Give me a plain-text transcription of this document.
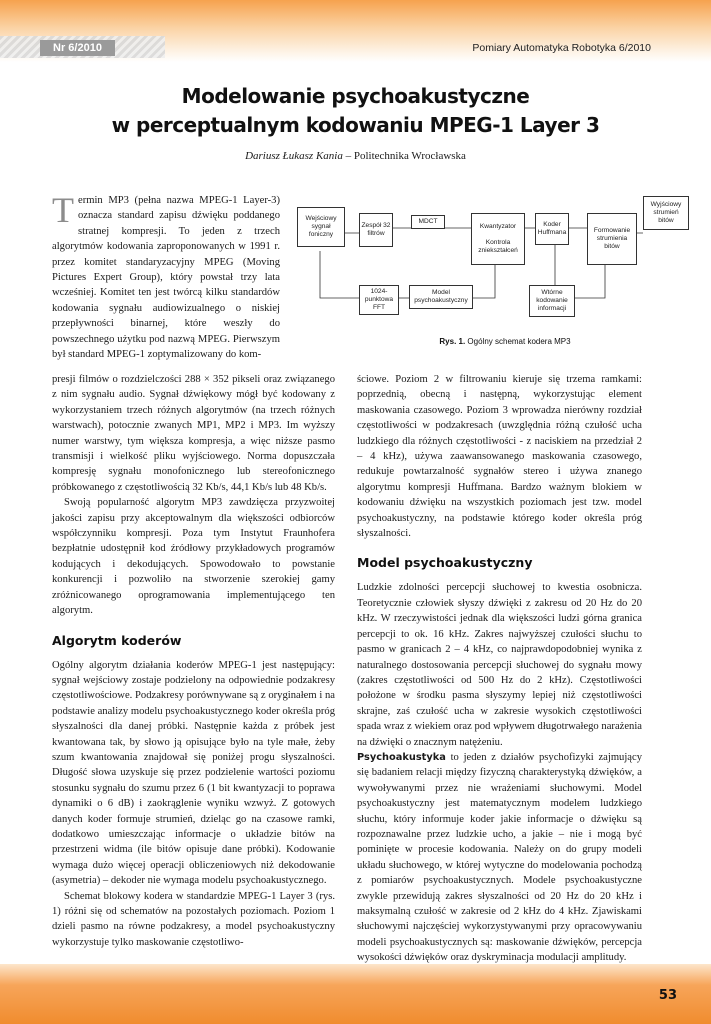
Nr 6/2010	Pomiary Automatyka Robotyka 6/2010
Modelowanie psychoakustyczne
w perceptualnym kodowaniu MPEG-1 Layer 3
Dariusz Łukasz Kania – Politechnika Wrocławska

Termin MP3 (pełna nazwa MPEG-1 Layer-3) oznacza standard zapisu dźwięku poddanego stratnej kompresji. To jeden z trzech algorytmów kodowania zaproponowanych w 1991 r. przez komitet standaryzacyjny MPEG (Moving Pictures Expert Group), który powstał trzy lata wcześniej. Komitet ten jest twórcą kilku standardów kodowania sygnału audiowizualnego o niskiej przepływności binarnej, które weszły do powszechnego użytku pod nazwą MPEG. Pierwszym był standard MPEG-1 zoptymalizowany do kom-

Wejściowy sygnał foniczny
Zespół 32 filtrów
MDCT
Kwantyzator
Kontrola zniekształceń
Koder Huffmana	Formowanie strumienia bitów
Wyjściowy strumień bitów
1024-punktowa FFT
Model psychoakustyczny
Wtórne kodowanie informacji
Rys. 1. Ogólny schemat kodera MP3

presji filmów o rozdzielczości 288 × 352 pikseli oraz związanego z nim sygnału audio. Sygnał dźwiękowy mógł być kodowany z wykorzystaniem trzech różnych algorytmów (na trzech różnych warstwach), potocznie zwanych MP1, MP2 i MP3. Im wyższy numer warstwy, tym większa kompresja, a więc niższe pasmo transmisji i wielkość pliku wyjściowego. Norma dopuszczała kompresję sygnału monofonicznego lub stereofonicznego próbkowanego z częstotliwością 32 Kb/s, 44,1 Kb/s lub 48 Kb/s.

Swoją popularność algorytm MP3 zawdzięcza przyzwoitej jakości zapisu przy akceptowalnym dla większości odbiorców współczynniku kompresji. Poza tym Instytut Fraunhofera bezpłatnie udostępnił kod źródłowy przykładowych programów kodujących i dekodujących. Spowodowało to powstanie konkurencji i pozwoliło na stworzenie szerokiej gamy zróżnicowanego oprogramowania implementującego ten algorytm.

Algorytm koderów

Ogólny algorytm działania koderów MPEG-1 jest następujący: sygnał wejściowy zostaje podzielony na odpowiednie podzakresy częstotliwościowe. Podzakresy porównywane są z oryginałem i na podstawie analizy modelu psychoakustycznego koder określa próg słyszalności dla danej próbki. Następnie każda z próbek jest kwantowana tak, by słowo ją opisujące było na tyle małe, żeby szum kwantowania znajdował się poniżej progu słyszalności. Długość słowa uzyskuje się przez podzielenie wartości poziomu stosunku sygnału do szumu przez 6 (1 bit kwantyzacji to poprawa dynamiki o 6 dB) i zaokrąglenie wyniku wzwyż. Z gotowych danych koder formuje strumień, dzieląc go na czasowe ramki, dodatkowo umieszczając informacje o układzie bitów na przestrzeni widma (ile bitów opisuje dane próbki). Kodowanie wymaga dużo więcej operacji obliczeniowych niż dekodowanie (asymetria) – dekoder nie wymaga modelu psychoakustycznego.

Schemat blokowy kodera w standardzie MPEG-1 Layer 3 (rys. 1) różni się od schematów na pozostałych poziomach. Poziom 1 dzieli pasmo na równe podzakresy, a model psychoakustyczny wykorzystuje tylko maskowanie częstotliwo-

ściowe. Poziom 2 w filtrowaniu kieruje się trzema ramkami: poprzednią, obecną i następną, wykorzystując element maskowania czasowego. Poziom 3 wprowadza nierówny rozdział częstotliwości w podzakresach (uwzględnia różną czułość ucha ludzkiego dla różnych częstotliwości - z naciskiem na przedział 2 – 4 kHz), używa zaawansowanego maskowania czasowego, redukuje powtarzalność sygnałów stereo i używa znanego algorytmu kompresji Huffmana. Bardzo ważnym blokiem w kodowaniu dźwięku na wszystkich poziomach jest tzw. model psychoakustyczny, na podstawie którego koder określa próg słyszalności.

Model psychoakustyczny

Ludzkie zdolności percepcji słuchowej to kwestia osobnicza. Teoretycznie człowiek słyszy dźwięki z zakresu od 20 Hz do 20 kHz. W rzeczywistości jednak dla większości ludzi górna granica percepcji to ok. 16 kHz. Zakres najwyższej czułości słuchu to pasmo w granicach 2 – 4 kHz, co najprawdopodobniej wynika z naturalnego dostosowania percepcji słuchowej do sygnału mowy (zakres częstotliwości od 500 Hz do 2 kHz). Częstotliwości położone w środku pasma słyszymy lepiej niż częstotliwości skrajne, zaś czułość ucha w zakresie wysokich częstotliwości spada wraz z wiekiem oraz pod wpływem długotrwałego narażenia na dźwięki o znacznym natężeniu.

Psychoakustyka to jeden z działów psychofizyki zajmujący się badaniem relacji między fizyczną charakterystyką dźwięków, a wywoływanymi przez nie wrażeniami słuchowymi. Model psychoakustyczny jest matematycznym modelem ludzkiego słuchu, który informuje koder jakie informacje o dźwięku są rozpoznawalne przez ludzkie ucho, a jakie – nie i mogą być pominięte w procesie kodowania. Należy on do grupy modeli układu słuchowego, w której wytyczne do modelowania pochodzą z pomiarów psychoakustycznych. Modele psychoakustyczne zwykle przewidują zakres słyszalności od 20 Hz do 20 kHz i maksymalną czułość w zakresie od 2 kHz do 4 kHz. Zjawiskami słuchowymi najczęściej wykorzystywanymi przy opracowywaniu modeli psychoakustycznych są: maskowanie dźwięków, percepcja wysokości dźwięków oraz dyskryminacja modulacji amplitudy.

53
